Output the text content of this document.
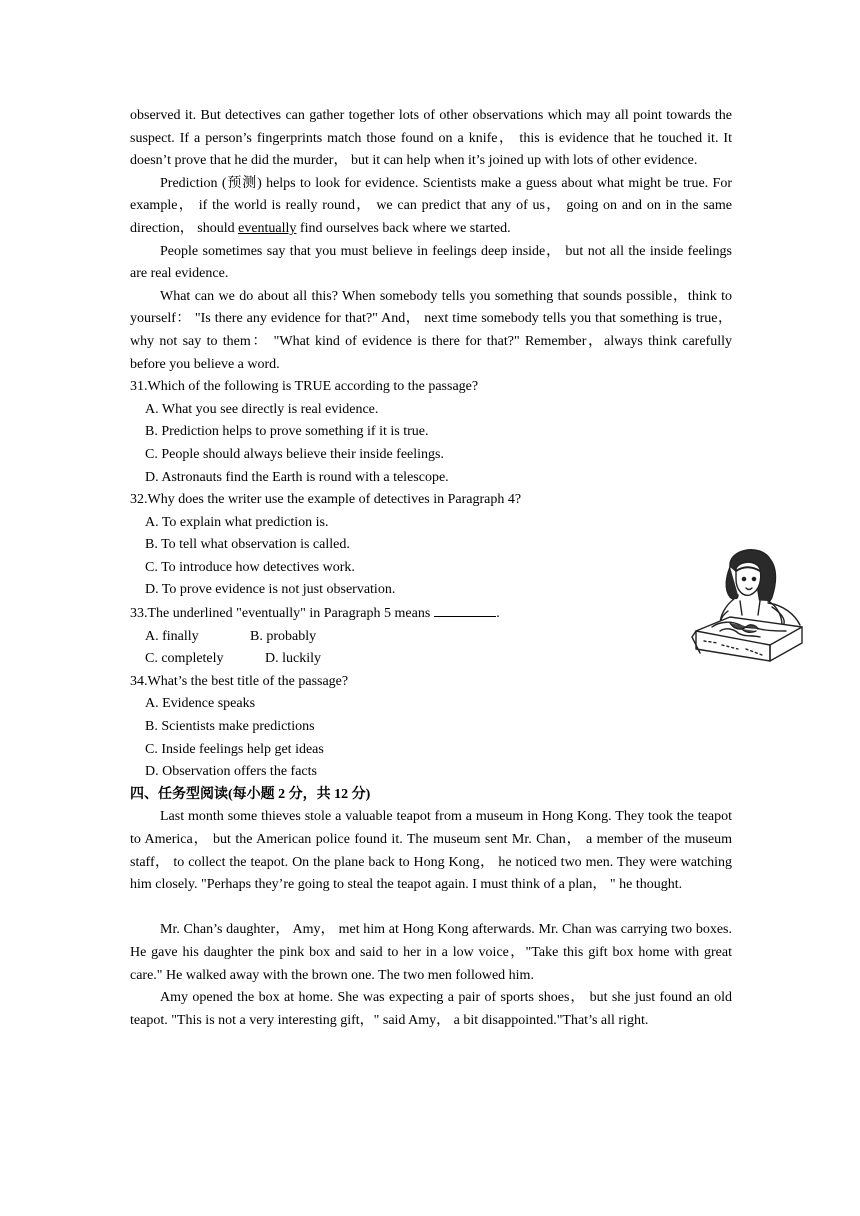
observed it. But detectives can gather together lots of other observations which may all point towards the suspect. If a person’s fingerprints match those found on a knife， this is evidence that he touched it. It doesn’t prove that he did the murder， but it can help when it’s joined up with lots of other evidence.

Prediction (预测) helps to look for evidence. Scientists make a guess about what might be true. For example， if the world is really round， we can predict that any of us， going on and on in the same direction， should eventually find ourselves back where we started.

People sometimes say that you must believe in feelings deep inside， but not all the inside feelings are real evidence.

What can we do about all this? When somebody tells you something that sounds possible，think to yourself： "Is there any evidence for that?" And， next time somebody tells you that something is true， why not say to them： "What kind of evidence is there for that?" Remember，always think carefully before you believe a word.

31.Which of the following is TRUE according to the passage?

A. What you see directly is real evidence.

B. Prediction helps to prove something if it is true.

C. People should always believe their inside feelings.

D. Astronauts find the Earth is round with a telescope.

32.Why does the writer use the example of detectives in Paragraph 4?

A. To explain what prediction is.

B. To tell what observation is called.

C. To introduce how detectives work.

D. To prove evidence is not just observation.

33.The underlined "eventually" in Paragraph 5 means	.

A. finally	B. probably

C. completely	D. luckily

34.What’s the best title of the passage?

A. Evidence speaks

B. Scientists make predictions

C. Inside feelings help get ideas

D. Observation offers the facts

四、任务型阅读(每小题 2 分，共 12 分)

Last month some thieves stole a valuable teapot from a museum in Hong Kong. They took the teapot to America， but the American police found it. The museum sent Mr. Chan， a member of the museum staff， to collect the teapot. On the plane back to Hong Kong， he noticed two men. They were watching him closely. "Perhaps they’re going to steal the teapot again. I must think of a plan， " he thought.

Mr. Chan’s daughter， Amy， met him at Hong Kong afterwards. Mr. Chan was carrying two boxes. He gave his daughter the pink box and said to her in a low voice，"Take this gift box home with great care." He walked away with the brown one. The two men followed him.

Amy opened the box at home. She was expecting a pair of sports shoes， but she just found an old teapot. "This is not a very interesting gift，" said Amy， a bit disappointed."That’s all right.
